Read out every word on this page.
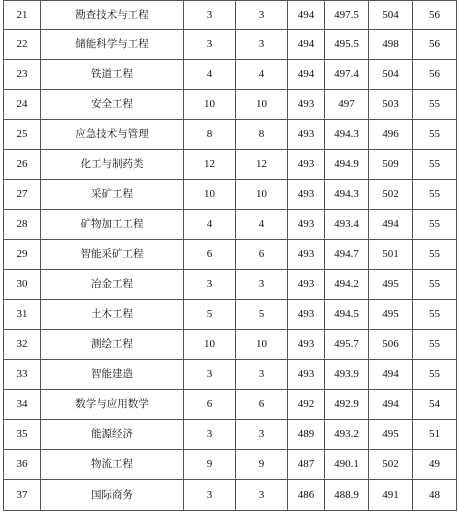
21	勘查技术与工程	3	3	494	497.5	504	56
22	储能科学与工程	3	3	494	495.5	498	56
23	铁道工程	4	4	494	497.4	504	56
24	安全工程	10	10	493	497	503	55
25	应急技术与管理	8	8	493	494.3	496	55
26	化工与制药类	12	12	493	494.9	509	55
27	采矿工程	10	10	493	494.3	502	55
28	矿物加工工程	4	4	493	493.4	494	55
29	智能采矿工程	6	6	493	494.7	501	55
30	冶金工程	3	3	493	494.2	495	55
31	土木工程	5	5	493	494.5	495	55
32	测绘工程	10	10	493	495.7	506	55
33	智能建造	3	3	493	493.9	494	55
34	数学与应用数学	6	6	492	492.9	494	54
35	能源经济	3	3	489	493.2	495	51
36	物流工程	9	9	487	490.1	502	49
37	国际商务	3	3	486	488.9	491	48
